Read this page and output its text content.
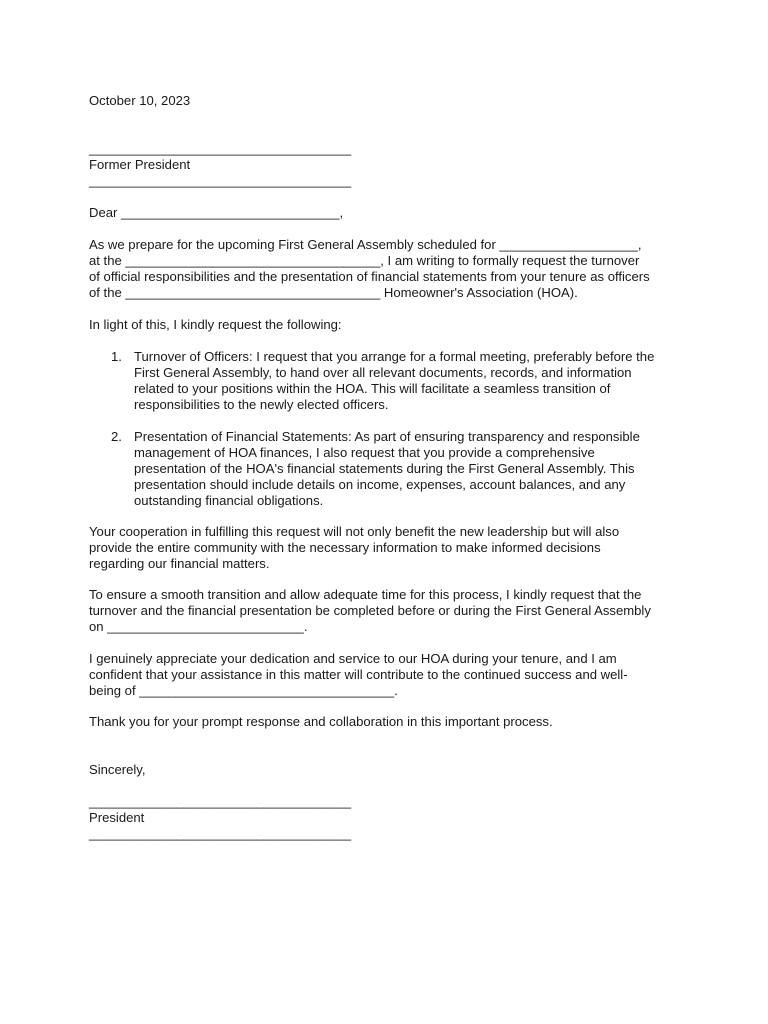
October 10, 2023
____________________________________
Former President
____________________________________
Dear ______________________________,
As we prepare for the upcoming First General Assembly scheduled for ___________________,
at the ___________________________________, I am writing to formally request the turnover
of official responsibilities and the presentation of financial statements from your tenure as officers
of the ___________________________________ Homeowner's Association (HOA).
In light of this, I kindly request the following:
1. Turnover of Officers: I request that you arrange for a formal meeting, preferably before the
First General Assembly, to hand over all relevant documents, records, and information
related to your positions within the HOA. This will facilitate a seamless transition of
responsibilities to the newly elected officers.
2. Presentation of Financial Statements: As part of ensuring transparency and responsible
management of HOA finances, I also request that you provide a comprehensive
presentation of the HOA's financial statements during the First General Assembly. This
presentation should include details on income, expenses, account balances, and any
outstanding financial obligations.
Your cooperation in fulfilling this request will not only benefit the new leadership but will also
provide the entire community with the necessary information to make informed decisions
regarding our financial matters.
To ensure a smooth transition and allow adequate time for this process, I kindly request that the
turnover and the financial presentation be completed before or during the First General Assembly
on ___________________________.
I genuinely appreciate your dedication and service to our HOA during your tenure, and I am
confident that your assistance in this matter will contribute to the continued success and well-
being of ___________________________________.
Thank you for your prompt response and collaboration in this important process.
Sincerely,
____________________________________
President
____________________________________
